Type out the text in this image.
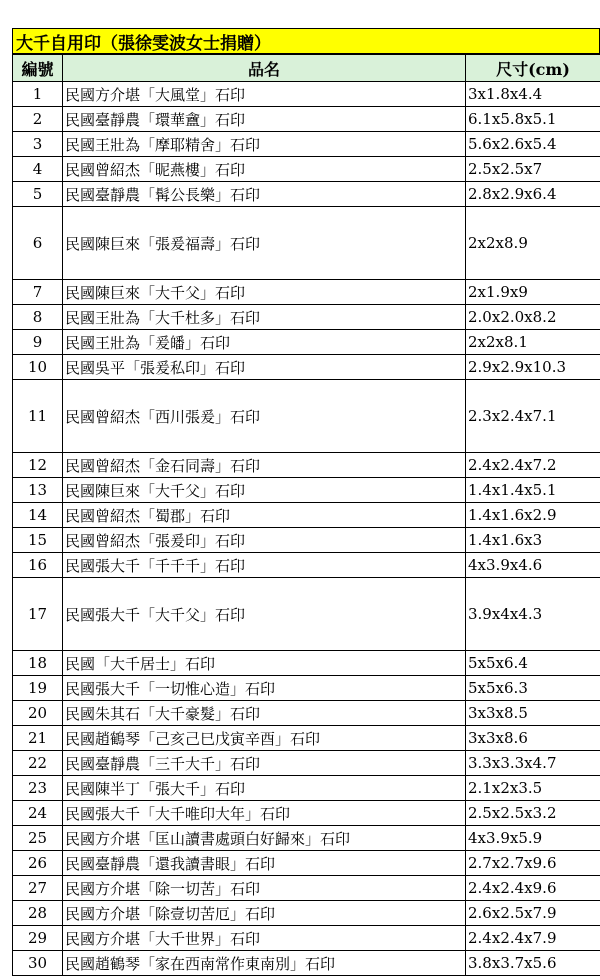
大千自用印（張徐雯波女士捐贈）
編號	品名	尺寸(cm)
1	民國方介堪「大風堂」石印	3x1.8x4.4
2	民國臺靜農「環華盦」石印	6.1x5.8x5.1
3	民國王壯為「摩耶精舍」石印	5.6x2.6x5.4
4	民國曾紹杰「昵燕樓」石印	2.5x2.5x7
5	民國臺靜農「髯公長樂」石印	2.8x2.9x6.4
6	民國陳巨來「張爰福壽」石印	2x2x8.9
7	民國陳巨來「大千父」石印	2x1.9x9
8	民國王壯為「大千杜多」石印	2.0x2.0x8.2
9	民國王壯為「爰皤」石印	2x2x8.1
10	民國吳平「張爰私印」石印	2.9x2.9x10.3
11	民國曾紹杰「西川張爰」石印	2.3x2.4x7.1
12	民國曾紹杰「金石同壽」石印	2.4x2.4x7.2
13	民國陳巨來「大千父」石印	1.4x1.4x5.1
14	民國曾紹杰「蜀郡」石印	1.4x1.6x2.9
15	民國曾紹杰「張爰印」石印	1.4x1.6x3
16	民國張大千「千千千」石印	4x3.9x4.6
17	民國張大千「大千父」石印	3.9x4x4.3
18	民國「大千居士」石印	5x5x6.4
19	民國張大千「一切惟心造」石印	5x5x6.3
20	民國朱其石「大千豪髮」石印	3x3x8.5
21	民國趙鶴琴「己亥己巳戊寅辛酉」石印	3x3x8.6
22	民國臺靜農「三千大千」石印	3.3x3.3x4.7
23	民國陳半丁「張大千」石印	2.1x2x3.5
24	民國張大千「大千唯印大年」石印	2.5x2.5x3.2
25	民國方介堪「匡山讀書處頭白好歸來」石印	4x3.9x5.9
26	民國臺靜農「還我讀書眼」石印	2.7x2.7x9.6
27	民國方介堪「除一切苦」石印	2.4x2.4x9.6
28	民國方介堪「除壹切苦厄」石印	2.6x2.5x7.9
29	民國方介堪「大千世界」石印	2.4x2.4x7.9
30	民國趙鶴琴「家在西南常作東南別」石印	3.8x3.7x5.6
